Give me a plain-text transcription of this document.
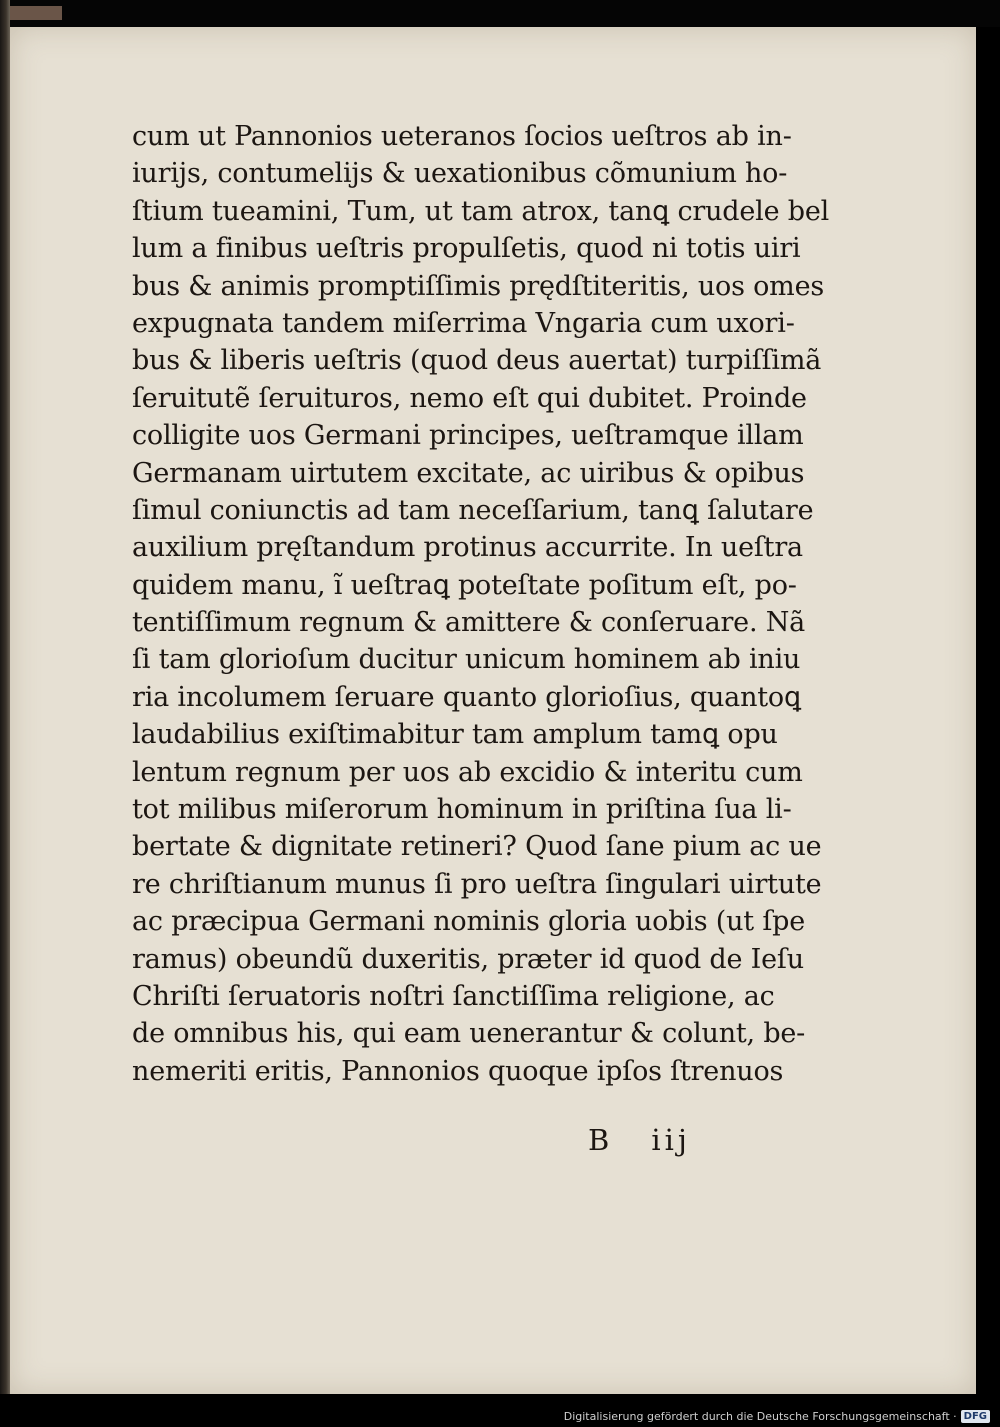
cum ut Pannonios ueteranos ſocios ueſtros ab in-
iurijs, contumelijs & uexationibus cõmunium ho-
ſtium tueamini, Tum, ut tam atrox, tanꝗ crudele bel
lum a finibus ueſtris propulſetis, quod ni totis uiri
bus & animis promptiſſimis prędſtiteritis, uos omes
expugnata tandem miſerrima Vngaria cum uxori-
bus & liberis ueſtris (quod deus auertat) turpiſſimã
ſeruitutẽ ſeruituros, nemo eſt qui dubitet. Proinde
colligite uos Germani principes, ueſtramque illam
Germanam uirtutem excitate, ac uiribus & opibus
ſimul coniunctis ad tam neceſſarium, tanꝗ ſalutare
auxilium pręſtandum protinus accurrite. In ueſtra
quidem manu, ĩ ueſtraꝗ poteſtate poſitum eſt, po-
tentiſſimum regnum & amittere & conſeruare. Nã
ſi tam glorioſum ducitur unicum hominem ab iniu
ria incolumem ſeruare quanto glorioſius, quantoꝗ
laudabilius exiſtimabitur tam amplum tamꝗ opu
lentum regnum per uos ab excidio & interitu cum
tot milibus miſerorum hominum in priſtina ſua li-
bertate & dignitate retineri? Quod ſane pium ac ue
re chriſtianum munus ſi pro ueſtra ſingulari uirtute
ac præcipua Germani nominis gloria uobis (ut ſpe
ramus) obeundũ duxeritis, præter id quod de Ieſu
Chriſti ſeruatoris noſtri ſanctiſſima religione, ac
de omnibus his, qui eam uenerantur & colunt, be-
nemeriti eritis, Pannonios quoque ipſos ſtrenuos
B iij
Digitalisierung gefördert durch die Deutsche Forschungsgemeinschaft · DFG
